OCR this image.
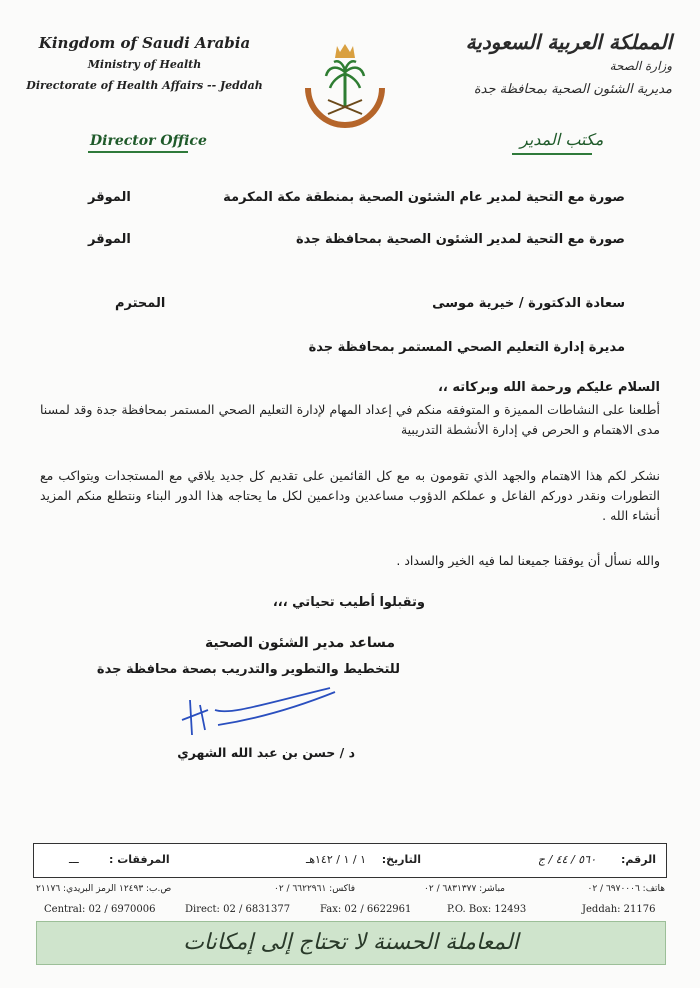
Kingdom of Saudi Arabia
Ministry of Health
Directorate of Health Affairs -- Jeddah
المملكة العربية السعودية
وزارة الصحة
مديرية الشئون الصحية بمحافظة جدة
Director Office	مكتب المدير
صورة مع التحية لمدير عام الشئون الصحية بمنطقة مكة المكرمة
الموقر
صورة مع التحية لمدير الشئون الصحية بمحافظة جدة
الموقر
سعادة الدكتورة / خيرية موسى
المحترم
مديرة إدارة التعليم الصحي المستمر بمحافظة جدة
السلام عليكم ورحمة الله وبركاته ،،
أطلعنا على النشاطات المميزة و المتوفقه منكم في إعداد المهام لإدارة التعليم الصحي المستمر بمحافظة جدة وقد لمسنا مدى الاهتمام و الحرص في إدارة الأنشطة التدريبية
نشكر لكم هذا الاهتمام والجهد الذي تقومون به مع كل القائمين على تقديم كل جديد يلاقي مع المستجدات ويتواكب مع التطورات ونقدر دوركم الفاعل و عملكم الدؤوب مساعدين وداعمين لكل ما يحتاجه هذا الدور البناء ونتطلع منكم المزيد أنشاء الله .
والله نسأل أن يوفقنا جميعنا لما فيه الخير والسداد .
وتقبلوا أطيب تحياتي ،،،
مساعد مدير الشئون الصحية
للتخطيط والتطوير والتدريب بصحة محافظة جدة
د / حسن بن عبد الله الشهري
الرقم:
٥٦٠ / ٤٤ / ج
التاريخ:
١ / ١ / ١٤٢هـ
المرفقات :
ـــ
هاتف: ٦٩٧٠٠٠٦ / ٠٢
مباشر: ٦٨٣١٣٧٧ / ٠٢
فاكس: ٦٦٢٢٩٦١ / ٠٢
ص.ب: ١٢٤٩٣ الرمز البريدي: ٢١١٧٦
Central: 02 / 6970006	Direct: 02 / 6831377	Fax: 02 / 6622961	P.O. Box: 12493	Jeddah: 21176
المعاملة الحسنة لا تحتاج إلى إمكانات
